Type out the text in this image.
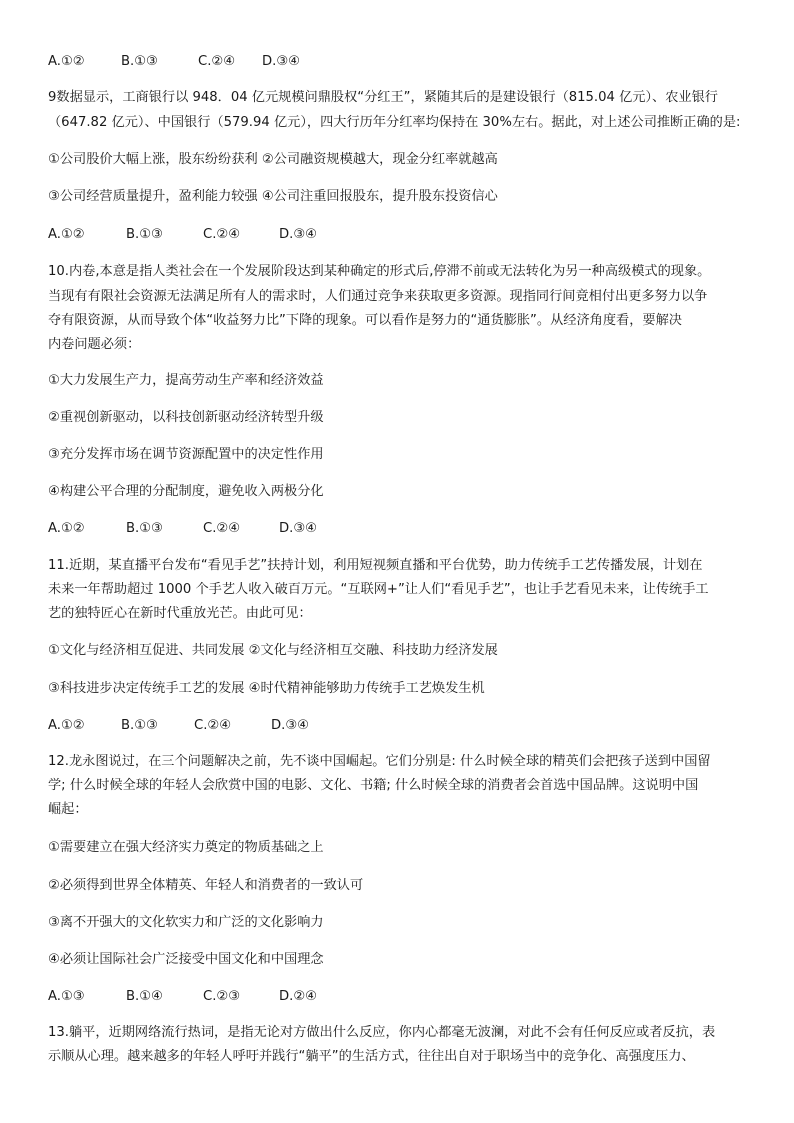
A.①②	B.①③	C.②④ D.③④
9数据显示，工商银行以 948．04 亿元规模问鼎股权“分红王”，紧随其后的是建设银行（815.04 亿元）、农业银行
（647.82 亿元）、中国银行（579.94 亿元），四大行历年分红率均保持在 30%左右。据此，对上述公司推断正确的是:
①公司股价大幅上涨，股东纷纷获利 ②公司融资规模越大，现金分红率就越高
③公司经营质量提升，盈利能力较强 ④公司注重回报股东，提升股东投资信心
A.①②	B.①③	C.②④	D.③④
10.内卷,本意是指人类社会在一个发展阶段达到某种确定的形式后,停滞不前或无法转化为另一种高级模式的现象。
当现有有限社会资源无法满足所有人的需求时，人们通过竞争来获取更多资源。现指同行间竟相付出更多努力以争
夺有限资源，从而导致个体“收益努力比”下降的现象。可以看作是努力的“通货膨胀”。从经济角度看，要解决
内卷问题必须：
①大力发展生产力，提高劳动生产率和经济效益
②重视创新驱动，以科技创新驱动经济转型升级
③充分发挥市场在调节资源配置中的决定性作用
④构建公平合理的分配制度，避免收入两极分化
A.①②	B.①③	C.②④	D.③④
11.近期，某直播平台发布“看见手艺”扶持计划，利用短视频直播和平台优势，助力传统手工艺传播发展，计划在
未来一年帮助超过 1000 个手艺人收入破百万元。“互联网+”让人们“看见手艺”，也让手艺看见未来，让传统手工
艺的独特匠心在新时代重放光芒。由此可见：
①文化与经济相互促进、共同发展 ②文化与经济相互交融、科技助力经济发展
③科技进步决定传统手工艺的发展 ④时代精神能够助力传统手工艺焕发生机
A.①②	B.①③	C.②④	D.③④
12.龙永图说过，在三个问题解决之前，先不谈中国崛起。它们分别是: 什么时候全球的精英们会把孩子送到中国留
学; 什么时候全球的年轻人会欣赏中国的电影、文化、书籍; 什么时候全球的消费者会首选中国品牌。这说明中国
崛起：
①需要建立在强大经济实力奠定的物质基础之上
②必须得到世界全体精英、年轻人和消费者的一致认可
③离不开强大的文化软实力和广泛的文化影响力
④必须让国际社会广泛接受中国文化和中国理念
A.①③	B.①④	C.②③	D.②④
13.躺平，近期网络流行热词，是指无论对方做出什么反应，你内心都毫无波澜，对此不会有任何反应或者反抗，表
示顺从心理。越来越多的年轻人呼吁并践行“躺平”的生活方式，往往出自对于职场当中的竞争化、高强度压力、
